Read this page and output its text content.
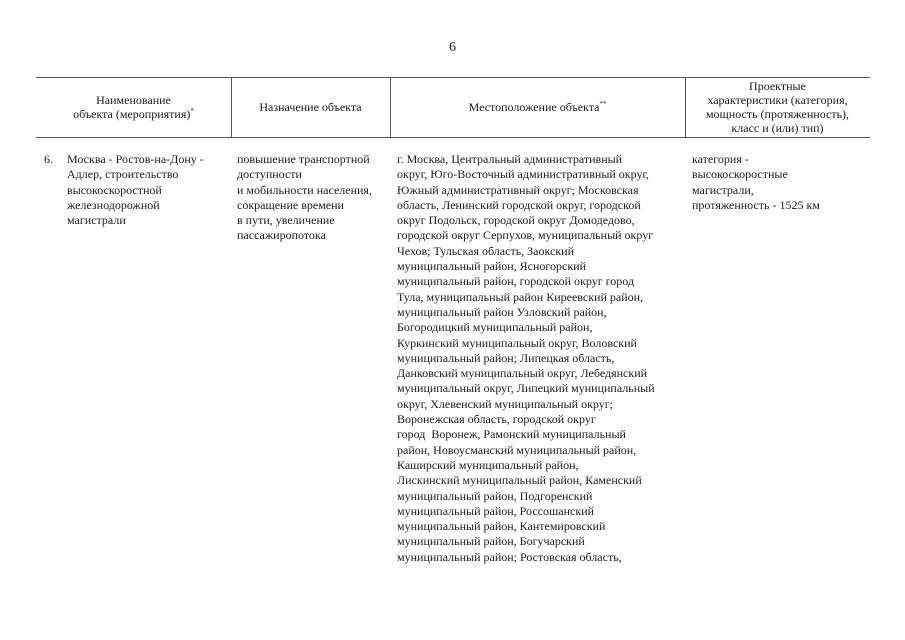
6
Наименование
объекта (мероприятия)*	Назначение объекта	Местоположение объекта**
Проектные
характеристики (категория,
мощность (протяженность),
класс и (или) тип)
6. Москва - Ростов-на-Дону -
Адлер, строительство
высокоскоростной
железнодорожной
магистрали
повышение транспортной
доступности
и мобильности населения,
сокращение времени
в пути, увеличение
пассажиропотока
г. Москва, Центральный административный
округ, Юго-Восточный административный округ,
Южный административный округ; Московская
область, Ленинский городской округ, городской
округ Подольск, городской округ Домодедово,
городской округ Серпухов, муниципальный округ
Чехов; Тульская область, Заокский
муниципальный район, Ясногорский
муниципальный район, городской округ город
Тула, муниципальный район Киреевский район,
муниципальный район Узловский район,
Богородицкий муниципальный район,
Куркинский муниципальный округ, Воловский
муниципальный район; Липецкая область,
Данковский муниципальный округ, Лебедянский
муниципальный округ, Липецкий муниципальный
округ, Хлевенский муниципальный округ;
Воронежская область, городской округ
город  Воронеж, Рамонский муниципальный
район, Новоусманский муниципальный район,
Каширский муниципальный район,
Лискинский муниципальный район, Каменский
муниципальный район, Подгоренский
муниципальный район, Россошанский
муниципальный район, Кантемировский
муниципальный район, Богучарский
муниципальный район; Ростовская область,
категория -
высокоскоростные
магистрали,
протяженность - 1525 км
